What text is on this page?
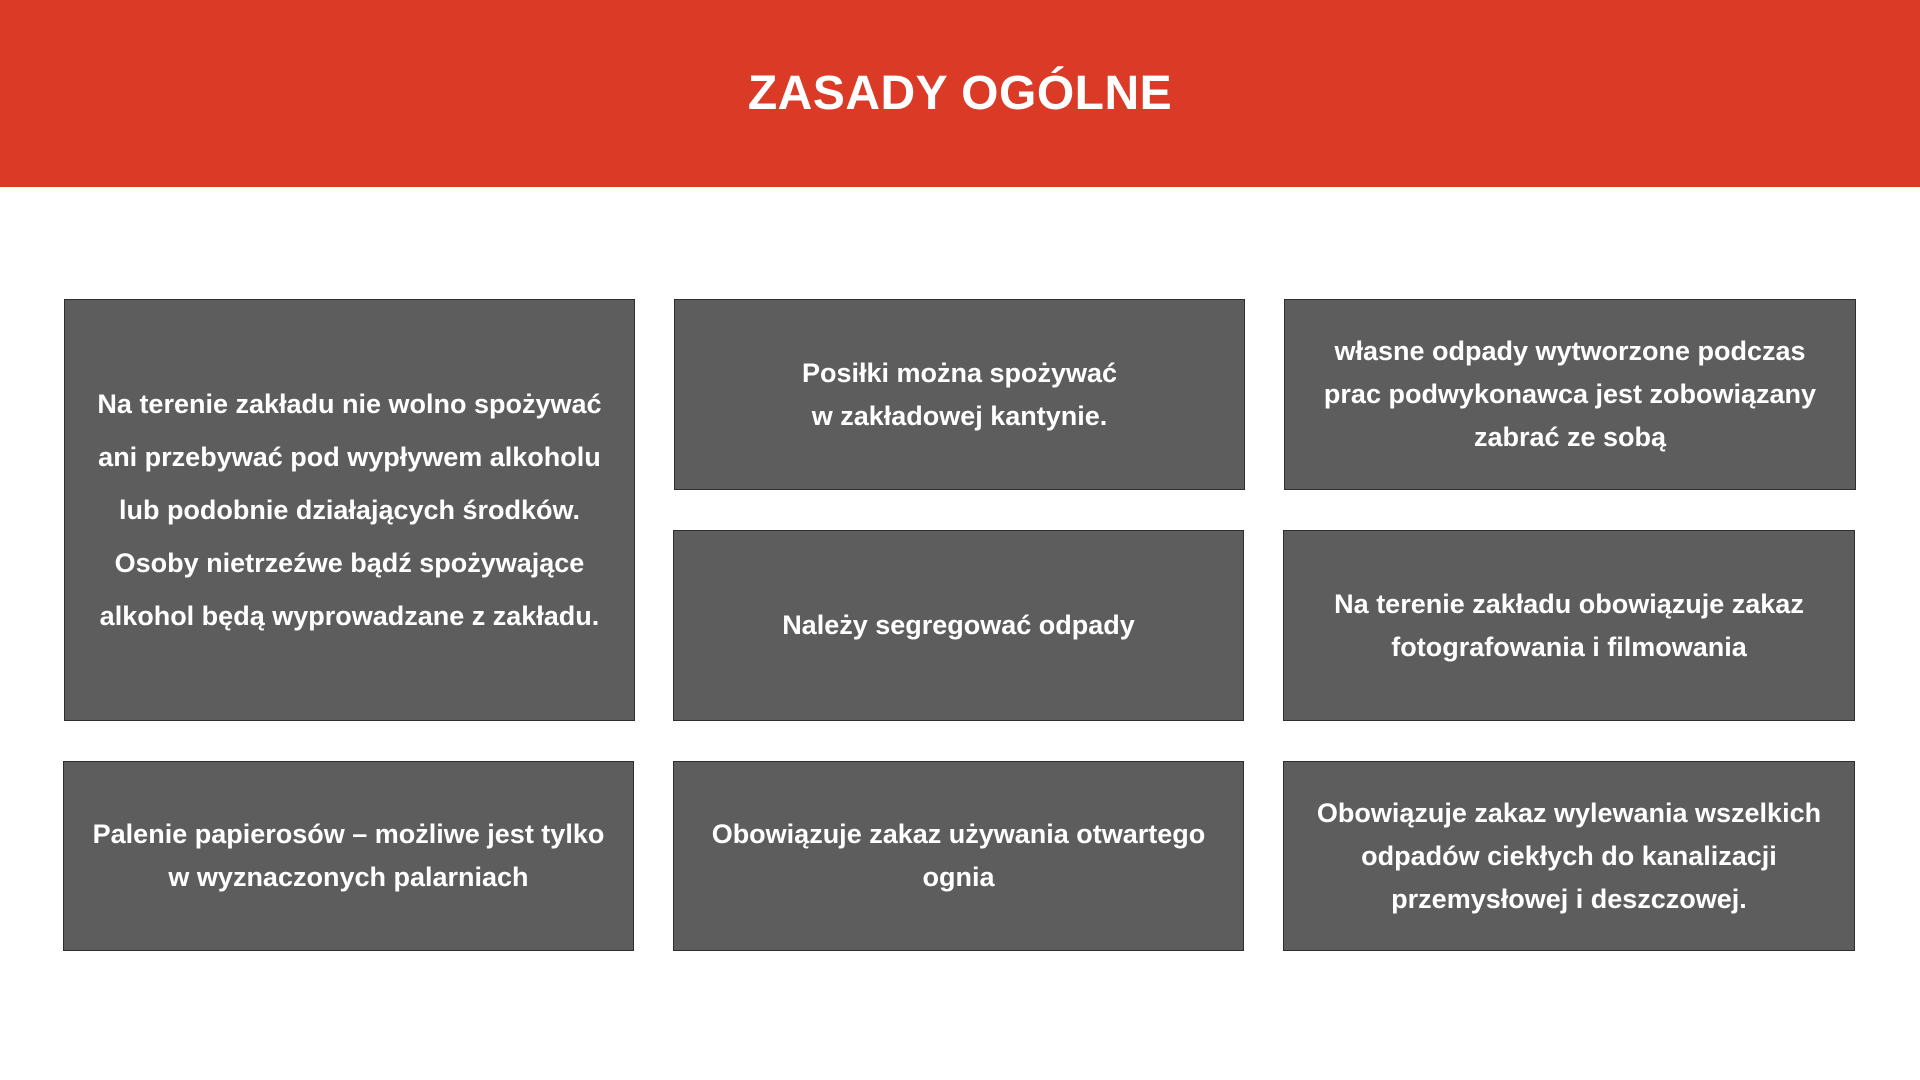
ZASADY OGÓLNE
Na terenie zakładu nie wolno spożywać
ani przebywać pod wypływem alkoholu
lub podobnie działających środków.
Osoby nietrzeźwe bądź spożywające
alkohol będą wyprowadzane z zakładu.
Palenie papierosów – możliwe jest tylko
w wyznaczonych palarniach
Posiłki można spożywać
w zakładowej kantynie.
Należy segregować odpady
Obowiązuje zakaz używania otwartego ognia
własne odpady wytworzone podczas
prac podwykonawca jest zobowiązany
zabrać ze sobą
Na terenie zakładu obowiązuje zakaz
fotografowania i filmowania
Obowiązuje zakaz wylewania wszelkich
odpadów ciekłych do kanalizacji
przemysłowej i deszczowej.
